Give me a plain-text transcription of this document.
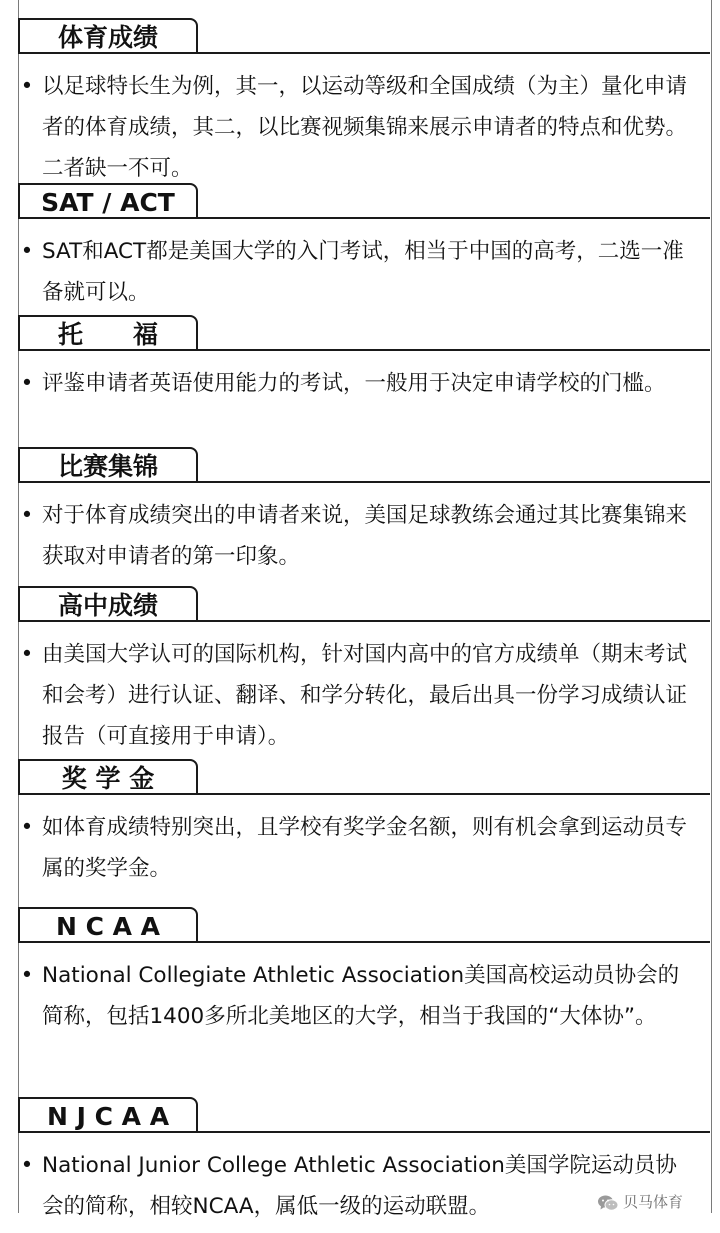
体育成绩
• 以足球特长生为例，其一，以运动等级和全国成绩（为主）量化申请者的体育成绩，其二，以比赛视频集锦来展示申请者的特点和优势。二者缺一不可。
SAT / ACT
• SAT和ACT都是美国大学的入门考试，相当于中国的高考，二选一准备就可以。
托　　福
• 评鉴申请者英语使用能力的考试，一般用于决定申请学校的门槛。
比赛集锦
• 对于体育成绩突出的申请者来说，美国足球教练会通过其比赛集锦来获取对申请者的第一印象。
高中成绩
• 由美国大学认可的国际机构，针对国内高中的官方成绩单（期末考试和会考）进行认证、翻译、和学分转化，最后出具一份学习成绩认证报告（可直接用于申请）。
奖 学 金
• 如体育成绩特别突出，且学校有奖学金名额，则有机会拿到运动员专属的奖学金。
N C A A
• National Collegiate Athletic Association美国高校运动员协会的简称，包括1400多所北美地区的大学，相当于我国的“大体协”。
N J C A A
• National Junior College Athletic Association美国学院运动员协会的简称，相较NCAA，属低一级的运动联盟。	贝马体育
